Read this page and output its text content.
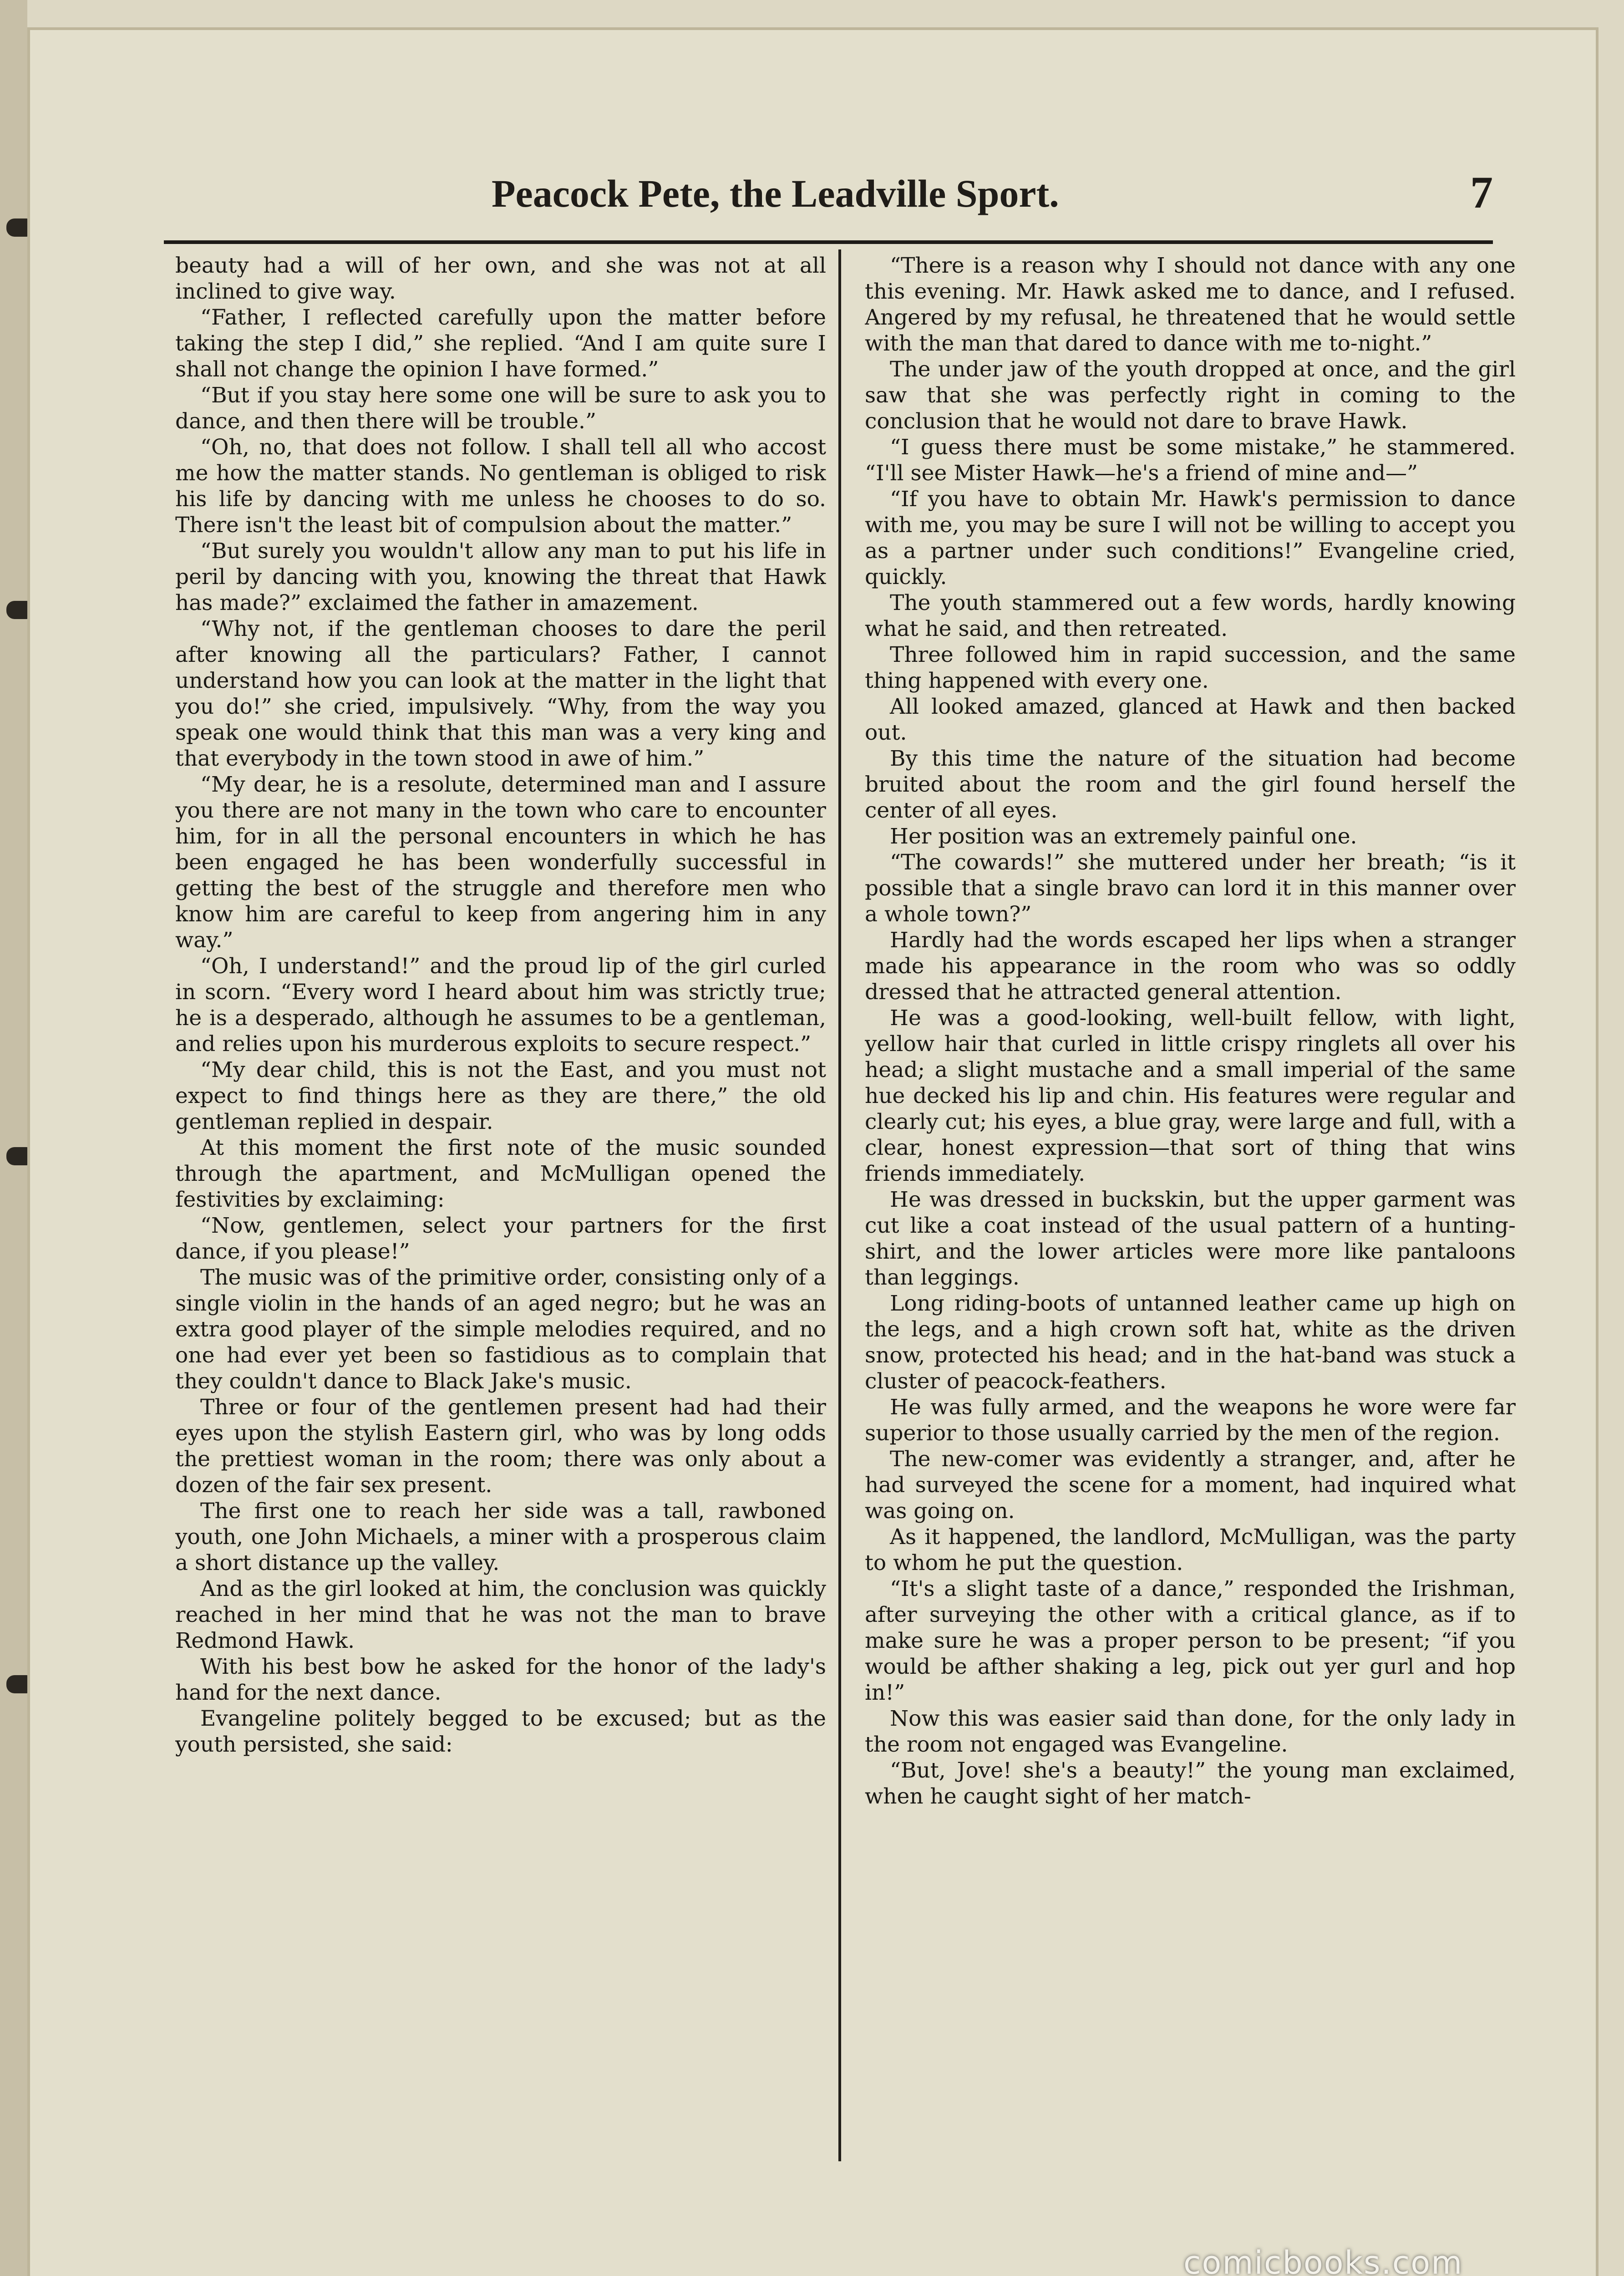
Peacock Pete, the Leadville Sport.	7

beauty had a will of her own, and she was not at all inclined to give way.

“Father, I reflected carefully upon the matter before taking the step I did,” she replied. “And I am quite sure I shall not change the opinion I have formed.”

“But if you stay here some one will be sure to ask you to dance, and then there will be trouble.”

“Oh, no, that does not follow. I shall tell all who accost me how the matter stands. No gentleman is obliged to risk his life by dancing with me unless he chooses to do so. There isn't the least bit of compulsion about the matter.”

“But surely you wouldn't allow any man to put his life in peril by dancing with you, knowing the threat that Hawk has made?” exclaimed the father in amazement.

“Why not, if the gentleman chooses to dare the peril after knowing all the particulars? Father, I cannot understand how you can look at the matter in the light that you do!” she cried, impulsively. “Why, from the way you speak one would think that this man was a very king and that everybody in the town stood in awe of him.”

“My dear, he is a resolute, determined man and I assure you there are not many in the town who care to encounter him, for in all the personal encounters in which he has been engaged he has been wonderfully successful in getting the best of the struggle and therefore men who know him are careful to keep from angering him in any way.”

“Oh, I understand!” and the proud lip of the girl curled in scorn. “Every word I heard about him was strictly true; he is a desperado, although he assumes to be a gentleman, and relies upon his murderous exploits to secure respect.”

“My dear child, this is not the East, and you must not expect to find things here as they are there,” the old gentleman replied in despair.

At this moment the first note of the music sounded through the apartment, and McMulligan opened the festivities by exclaiming:

“Now, gentlemen, select your partners for the first dance, if you please!”

The music was of the primitive order, consisting only of a single violin in the hands of an aged negro; but he was an extra good player of the simple melodies required, and no one had ever yet been so fastidious as to complain that they couldn't dance to Black Jake's music.

Three or four of the gentlemen present had had their eyes upon the stylish Eastern girl, who was by long odds the prettiest woman in the room; there was only about a dozen of the fair sex present.

The first one to reach her side was a tall, rawboned youth, one John Michaels, a miner with a prosperous claim a short distance up the valley.

And as the girl looked at him, the conclusion was quickly reached in her mind that he was not the man to brave Redmond Hawk.

With his best bow he asked for the honor of the lady's hand for the next dance.

Evangeline politely begged to be excused; but as the youth persisted, she said:

“There is a reason why I should not dance with any one this evening. Mr. Hawk asked me to dance, and I refused. Angered by my refusal, he threatened that he would settle with the man that dared to dance with me to-night.”

The under jaw of the youth dropped at once, and the girl saw that she was perfectly right in coming to the conclusion that he would not dare to brave Hawk.

“I guess there must be some mistake,” he stammered. “I'll see Mister Hawk—he's a friend of mine and—”

“If you have to obtain Mr. Hawk's permission to dance with me, you may be sure I will not be willing to accept you as a partner under such conditions!” Evangeline cried, quickly.

The youth stammered out a few words, hardly knowing what he said, and then retreated.

Three followed him in rapid succession, and the same thing happened with every one.

All looked amazed, glanced at Hawk and then backed out.

By this time the nature of the situation had become bruited about the room and the girl found herself the center of all eyes.

Her position was an extremely painful one.

“The cowards!” she muttered under her breath; “is it possible that a single bravo can lord it in this manner over a whole town?”

Hardly had the words escaped her lips when a stranger made his appearance in the room who was so oddly dressed that he attracted general attention.

He was a good-looking, well-built fellow, with light, yellow hair that curled in little crispy ringlets all over his head; a slight mustache and a small imperial of the same hue decked his lip and chin. His features were regular and clearly cut; his eyes, a blue gray, were large and full, with a clear, honest expression—that sort of thing that wins friends immediately.

He was dressed in buckskin, but the upper garment was cut like a coat instead of the usual pattern of a hunting-shirt, and the lower articles were more like pantaloons than leggings.

Long riding-boots of untanned leather came up high on the legs, and a high crown soft hat, white as the driven snow, protected his head; and in the hat-band was stuck a cluster of peacock-feathers.

He was fully armed, and the weapons he wore were far superior to those usually carried by the men of the region.

The new-comer was evidently a stranger, and, after he had surveyed the scene for a moment, had inquired what was going on.

As it happened, the landlord, McMulligan, was the party to whom he put the question.

“It's a slight taste of a dance,” responded the Irishman, after surveying the other with a critical glance, as if to make sure he was a proper person to be present; “if you would be afther shaking a leg, pick out yer gurl and hop in!”

Now this was easier said than done, for the only lady in the room not engaged was Evangeline.

“But, Jove! she's a beauty!” the young man exclaimed, when he caught sight of her match-

comicbooks.com
